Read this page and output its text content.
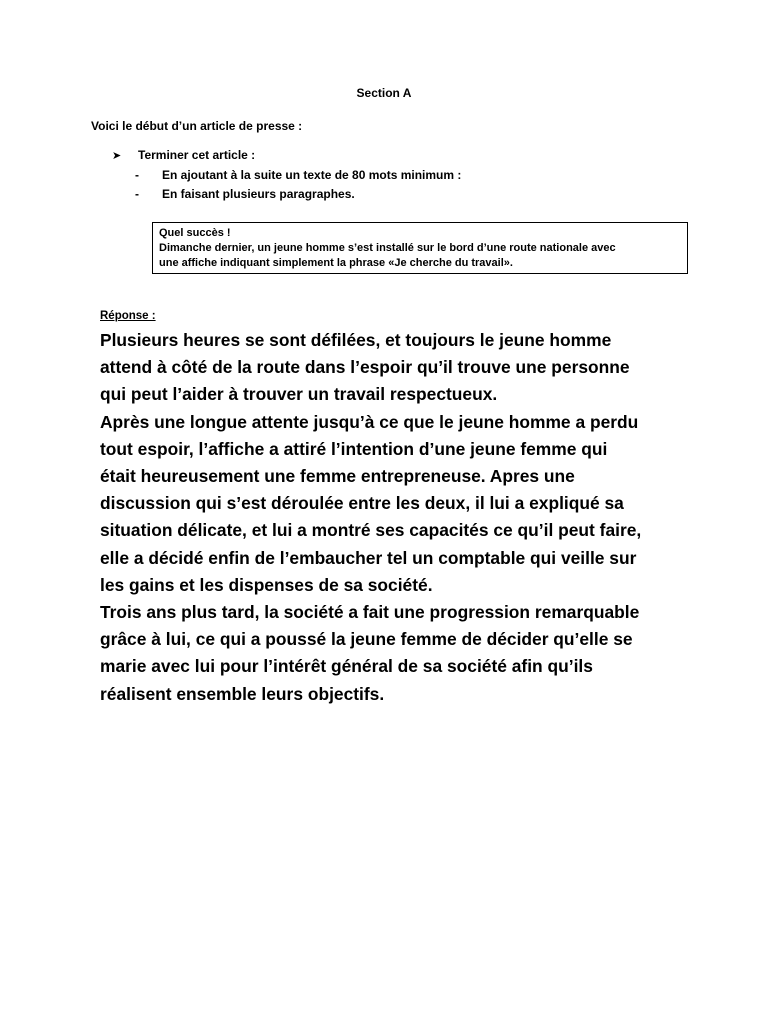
Section A
Voici le début d’un article de presse :
➤ Terminer cet article :
-	En ajoutant à la suite un texte de 80 mots minimum :
-	En faisant plusieurs paragraphes.
Quel succès !
Dimanche dernier, un jeune homme s’est installé sur le bord d’une route nationale avec
une affiche indiquant simplement la phrase «Je cherche du travail».
Réponse :
Plusieurs heures se sont défilées, et toujours le jeune homme
attend à côté de la route dans l’espoir qu’il trouve une personne
qui peut l’aider à trouver un travail respectueux.
Après une longue attente jusqu’à ce que le jeune homme a perdu
tout espoir, l’affiche a attiré l’intention d’une jeune femme qui
était heureusement une femme entrepreneuse. Apres une
discussion qui s’est déroulée entre les deux, il lui a expliqué sa
situation délicate, et lui a montré ses capacités ce qu’il peut faire,
elle a décidé enfin de l’embaucher tel un comptable qui veille sur
les gains et les dispenses de sa société.
Trois ans plus tard, la société a fait une progression remarquable
grâce à lui, ce qui a poussé la jeune femme de décider qu’elle se
marie avec lui pour l’intérêt général de sa société afin qu’ils
réalisent ensemble leurs objectifs.
